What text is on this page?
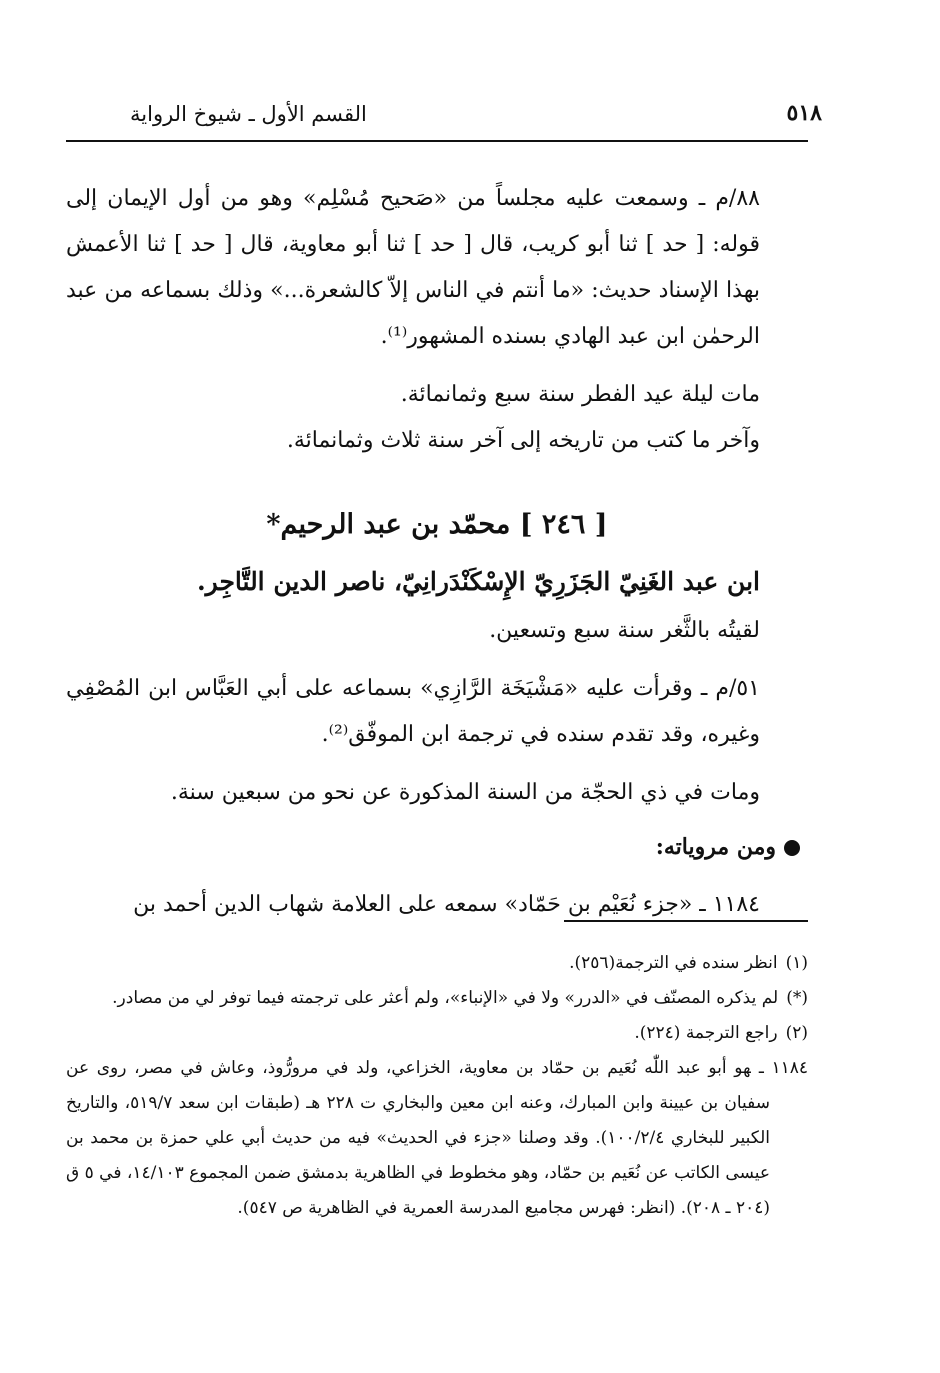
٥١٨
القسم الأول ـ شيوخ الرواية

٨٨/م ـ وسمعت عليه مجلساً من «صَحيح مُسْلِم» وهو من أول الإيمان إلى قوله: [ حد ] ثنا أبو كريب، قال [ حد ] ثنا أبو معاوية، قال [ حد ] ثنا الأعمش بهذا الإسناد حديث: «ما أنتم في الناس إلاّ كالشعرة...» وذلك بسماعه من عبد الرحمٰن ابن عبد الهادي بسنده المشهور⁽¹⁾.

مات ليلة عيد الفطر سنة سبع وثمانمائة.

وآخر ما كتب من تاريخه إلى آخر سنة ثلاث وثمانمائة.

[ ٢٤٦ ] محمّد بن عبد الرحيم*
ابن عبد الغَنِيّ الجَزَرِيّ الإِسْكَنْدَرانِيّ، ناصر الدين التَّاجِر.

لقيتُه بالثَّغر سنة سبع وتسعين.

٥١/م ـ وقرأت عليه «مَشْيَخَة الرَّازِي» بسماعه على أبي العَبَّاس ابن المُصْفِي وغيره، وقد تقدم سنده في ترجمة ابن الموفّق⁽²⁾.

ومات في ذي الحجّة من السنة المذكورة عن نحو من سبعين سنة.

ومن مروياته:

١١٨٤ ـ «جزء نُعَيْم بن حَمّاد» سمعه على العلامة شهاب الدين أحمد بن

(١)انظر سنده في الترجمة(٢٥٦).

(*)لم يذكره المصنّف في «الدرر» ولا في «الإنباء»، ولم أعثر على ترجمته فيما توفر لي من مصادر.

(٢)راجع الترجمة (٢٢٤).

١١٨٤ ـهو أبو عبد اللّٰه نُعَيم بن حمّاد بن معاوية، الخزاعي، ولد في مرورُّوذ، وعاش في مصر، روى عن سفيان بن عيينة وابن المبارك، وعنه ابن معين والبخاري ت ٢٢٨ هـ (طبقات ابن سعد ٥١٩/٧، والتاريخ الكبير للبخاري ١٠٠/٢/٤). وقد وصلنا «جزء في الحديث» فيه من حديث أبي علي حمزة بن محمد بن عيسى الكاتب عن نُعَيم بن حمّاد، وهو مخطوط في الظاهرية بدمشق ضمن المجموع ١٤/١٠٣، في ٥ ق (٢٠٤ ـ ٢٠٨). (انظر: فهرس مجاميع المدرسة العمرية في الظاهرية ص ٥٤٧).
